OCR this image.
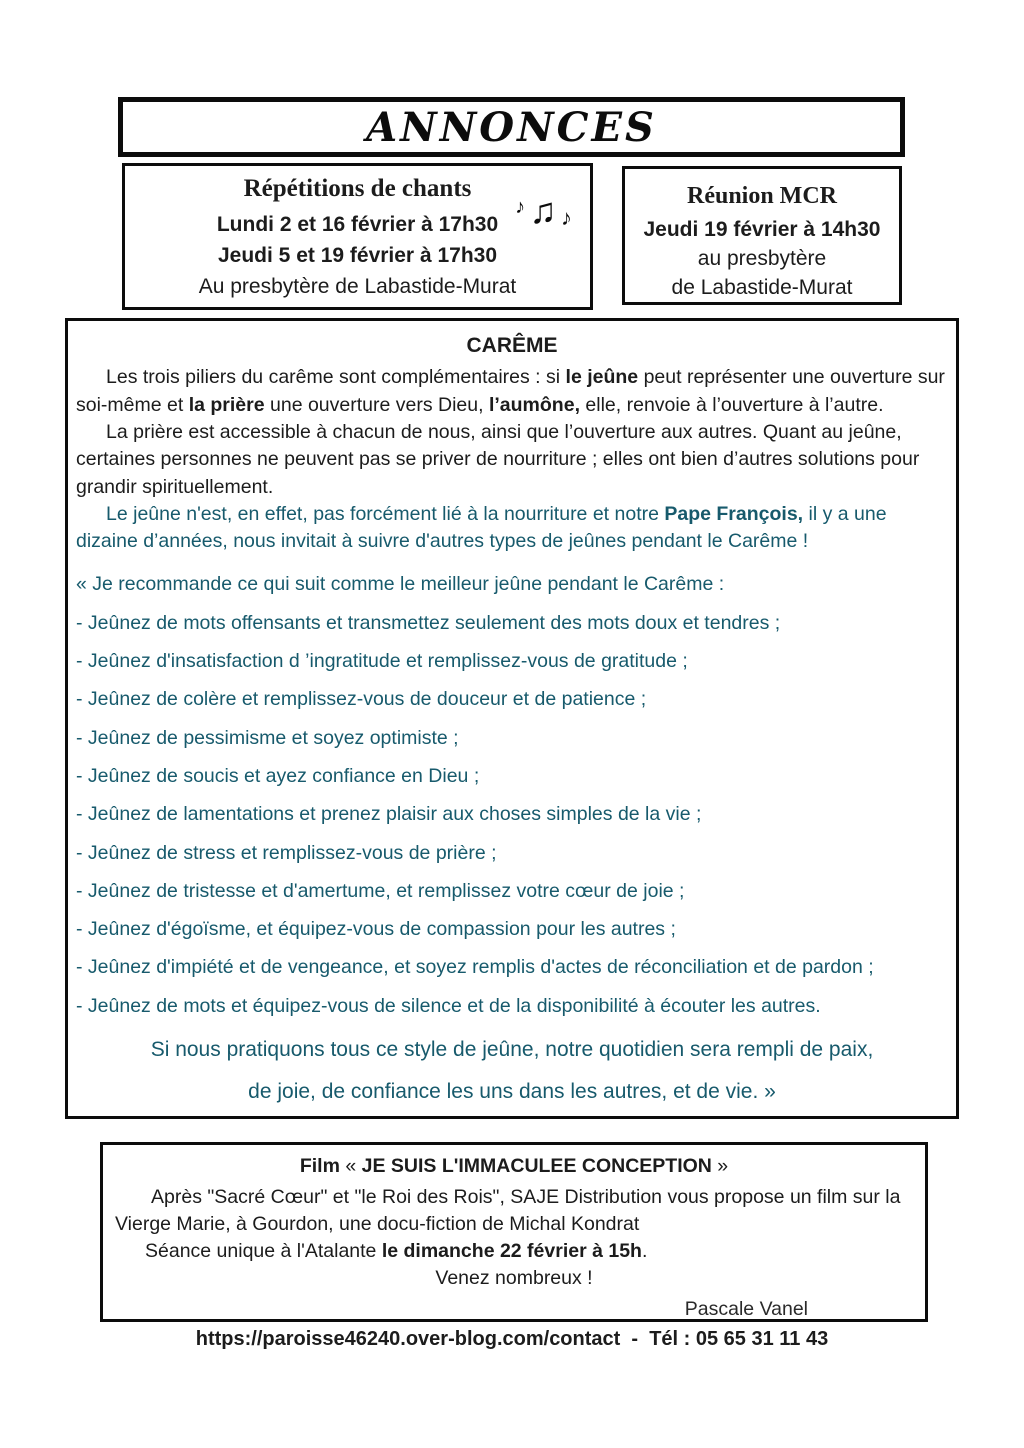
ANNONCES
Répétitions de chants
♪ ♫ ♪
Lundi 2 et 16 février à 17h30
Jeudi 5 et 19 février à 17h30
Au presbytère de Labastide-Murat
Réunion MCR
Jeudi 19 février à 14h30
au presbytère
de Labastide-Murat
CARÊME
Les trois piliers du carême sont complémentaires : si le jeûne peut représenter une ouverture sur soi-même et la prière une ouverture vers Dieu, l’aumône, elle, renvoie à l’ouverture à l’autre.
La prière est accessible à chacun de nous, ainsi que l’ouverture aux autres. Quant au jeûne, certaines personnes ne peuvent pas se priver de nourriture ; elles ont bien d’autres solutions pour grandir spirituellement.
Le jeûne n'est, en effet, pas forcément lié à la nourriture et notre Pape François, il y a une dizaine d’années, nous invitait à suivre d'autres types de jeûnes pendant le Carême !
« Je recommande ce qui suit comme le meilleur jeûne pendant le Carême :
- Jeûnez de mots offensants et transmettez seulement des mots doux et tendres ;
- Jeûnez d'insatisfaction d ’ingratitude et remplissez-vous de gratitude ;
- Jeûnez de colère et remplissez-vous de douceur et de patience ;
- Jeûnez de pessimisme et soyez optimiste ;
- Jeûnez de soucis et ayez confiance en Dieu ;
- Jeûnez de lamentations et prenez plaisir aux choses simples de la vie ;
- Jeûnez de stress et remplissez-vous de prière ;
- Jeûnez de tristesse et d'amertume, et remplissez votre cœur de joie ;
- Jeûnez d'égoïsme, et équipez-vous de compassion pour les autres ;
- Jeûnez d'impiété et de vengeance, et soyez remplis d'actes de réconciliation et de pardon ;
- Jeûnez de mots et équipez-vous de silence et de la disponibilité à écouter les autres.
Si nous pratiquons tous ce style de jeûne, notre quotidien sera rempli de paix,
de joie, de confiance les uns dans les autres, et de vie. »
Film « JE SUIS L'IMMACULEE CONCEPTION »
Après "Sacré Cœur" et "le Roi des Rois", SAJE Distribution vous propose un film sur la Vierge Marie, à Gourdon, une docu-fiction de Michal Kondrat
Séance unique à l'Atalante le dimanche 22 février à 15h.
Venez nombreux !
Pascale Vanel
https://paroisse46240.over-blog.com/contact  -  Tél : 05 65 31 11 43
